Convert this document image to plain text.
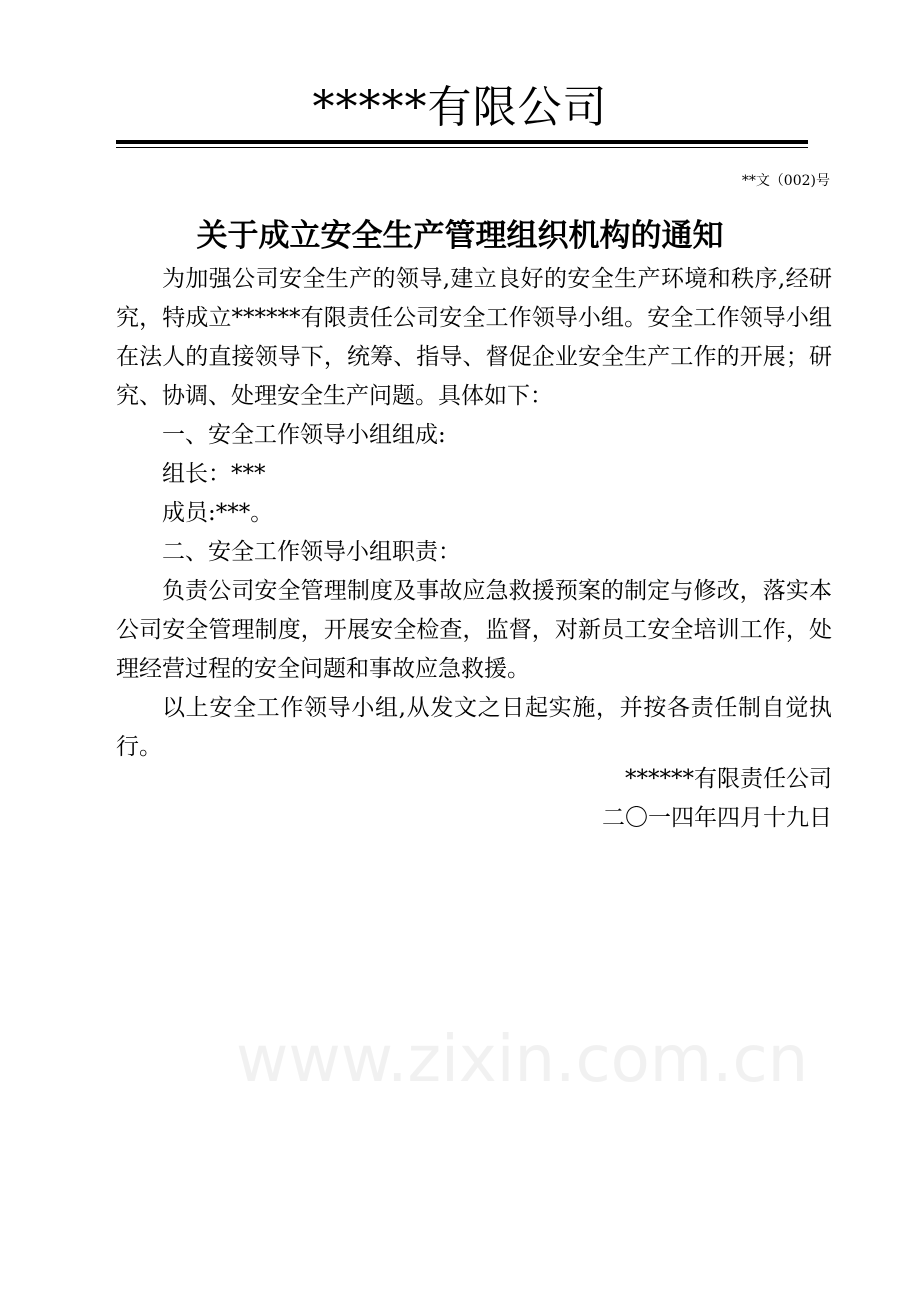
*****有限公司
**文（002)号
关于成立安全生产管理组织机构的通知

为加强公司安全生产的领导,建立良好的安全生产环境和秩序,经研究，特成立******有限责任公司安全工作领导小组。安全工作领导小组在法人的直接领导下，统筹、指导、督促企业安全生产工作的开展；研究、协调、处理安全生产问题。具体如下：

一、安全工作领导小组组成:

组长：***

成员:***。

二、安全工作领导小组职责：

负责公司安全管理制度及事故应急救援预案的制定与修改，落实本公司安全管理制度，开展安全检查，监督，对新员工安全培训工作，处理经营过程的安全问题和事故应急救援。

以上安全工作领导小组,从发文之日起实施，并按各责任制自觉执行。

******有限责任公司
二〇一四年四月十九日
www.zixin.com.cn
